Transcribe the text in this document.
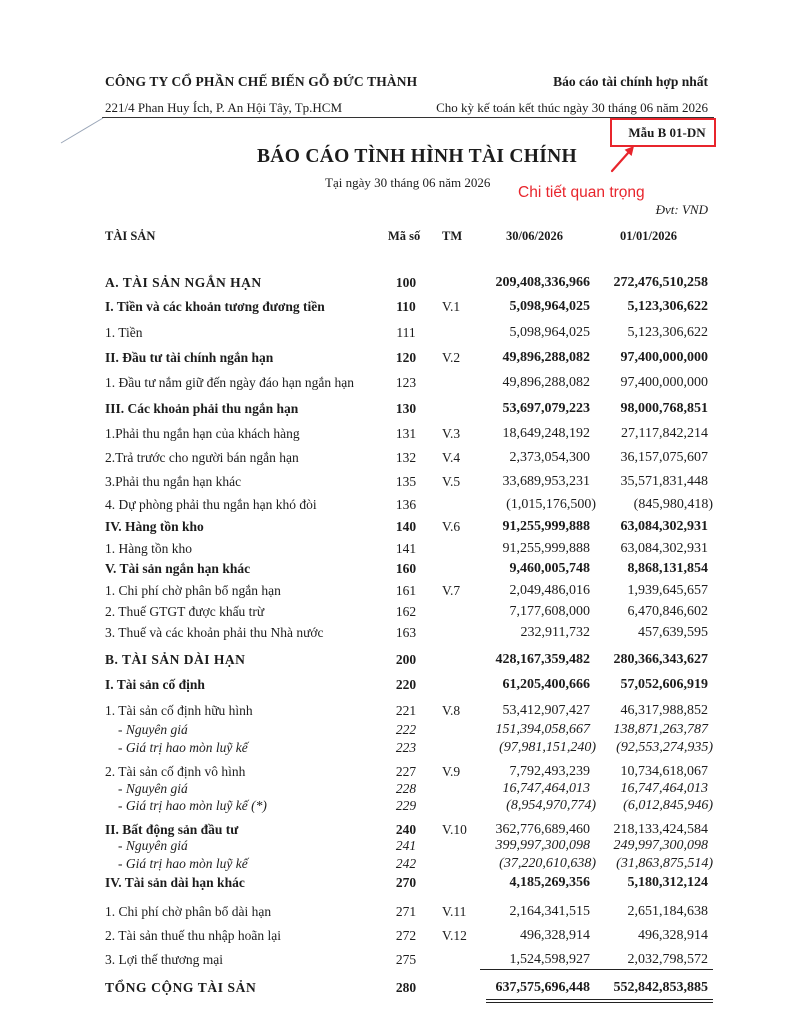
CÔNG TY CỔ PHẦN CHẾ BIẾN GỖ ĐỨC THÀNH	Báo cáo tài chính hợp nhất
221/4 Phan Huy Ích, P. An Hội Tây, Tp.HCM	Cho kỳ kế toán kết thúc ngày 30 tháng 06 năm 2026
Mẫu B 01-DN
BÁO CÁO TÌNH HÌNH TÀI CHÍNH
Tại ngày 30 tháng 06 năm 2026
Chi tiết quan trọng
Đvt: VND
TÀI SẢN	Mã số TM	30/06/2026	01/01/2026
A. TÀI SẢN NGẮN HẠN	100	209,408,336,966	272,476,510,258
I. Tiền và các khoản tương đương tiền	110	V.1	5,098,964,025	5,123,306,622
1. Tiền	111	5,098,964,025	5,123,306,622
II. Đầu tư tài chính ngắn hạn	120	V.2	49,896,288,082	97,400,000,000
1. Đầu tư nắm giữ đến ngày đáo hạn ngắn hạn	123	49,896,288,082	97,400,000,000
III. Các khoản phải thu ngắn hạn	130	53,697,079,223	98,000,768,851
1.Phải thu ngắn hạn của khách hàng	131	V.3	18,649,248,192	27,117,842,214
2.Trả trước cho người bán ngắn hạn	132	V.4	2,373,054,300	36,157,075,607
3.Phải thu ngắn hạn khác	135	V.5	33,689,953,231	35,571,831,448
4. Dự phòng phải thu ngắn hạn khó đòi	136	(1,015,176,500)	(845,980,418)
IV. Hàng tồn kho	140	V.6	91,255,999,888	63,084,302,931
1. Hàng tồn kho	141	91,255,999,888	63,084,302,931
V. Tài sản ngắn hạn khác	160	9,460,005,748	8,868,131,854
1. Chi phí chờ phân bổ ngắn hạn	161	V.7	2,049,486,016	1,939,645,657
2. Thuế GTGT được khấu trừ	162	7,177,608,000	6,470,846,602
3. Thuế và các khoản phải thu Nhà nước	163	232,911,732	457,639,595
B. TÀI SẢN DÀI HẠN	200	428,167,359,482	280,366,343,627
I. Tài sản cố định	220	61,205,400,666	57,052,606,919
1. Tài sản cố định hữu hình	221	V.8	53,412,907,427	46,317,988,852
- Nguyên giá	222	151,394,058,667	138,871,263,787
- Giá trị hao mòn luỹ kế	223	(97,981,151,240) (92,553,274,935)
2. Tài sản cố định vô hình	227	V.9	7,792,493,239	10,734,618,067
- Nguyên giá	228	16,747,464,013	16,747,464,013
- Giá trị hao mòn luỹ kế (*)	229	(8,954,970,774) (6,012,845,946)
II. Bất động sản đầu tư	240	V.10 362,776,689,460	218,133,424,584
- Nguyên giá	241	399,997,300,098	249,997,300,098
- Giá trị hao mòn luỹ kế	242	(37,220,610,638) (31,863,875,514)
IV. Tài sản dài hạn khác	270	4,185,269,356	5,180,312,124
1. Chi phí chờ phân bổ dài hạn	271	V.11	2,164,341,515	2,651,184,638
2. Tài sản thuế thu nhập hoãn lại	272	V.12	496,328,914	496,328,914
3. Lợi thế thương mại	275	1,524,598,927	2,032,798,572
TỔNG CỘNG TÀI SẢN	280	637,575,696,448	552,842,853,885
